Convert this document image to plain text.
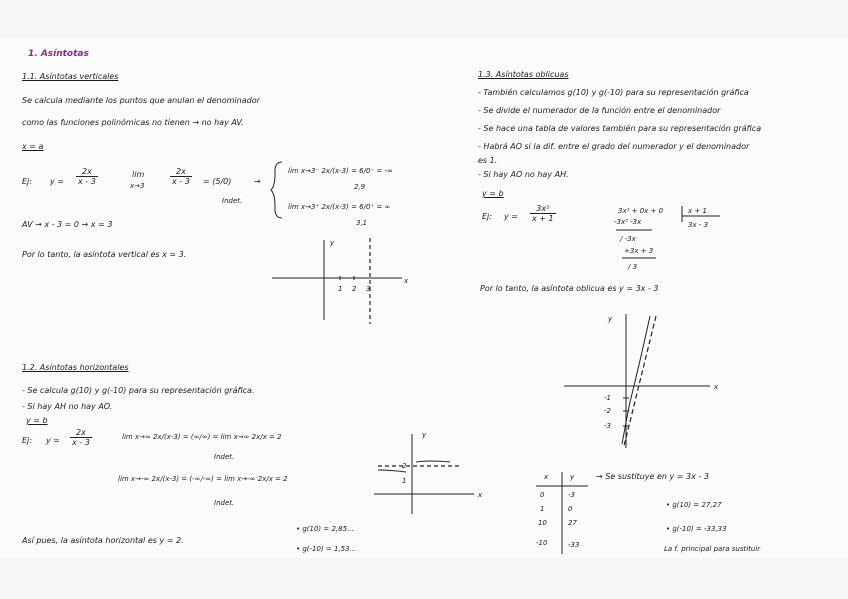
1. Asíntotas
1.1. Asíntotas verticales
Se calcula mediante los puntos que anulan el denominador
como las funciones polinómicas no tienen → no hay AV.
x = a
Ej: $y = \frac{2x}{x - 3}$	lim
x→3	$\frac{2x}{x - 3} = (5/0)$
Indet.
→
lim x→3⁻ 2x/(x-3) = 6/0⁻ = -∞
2,9
lim x→3⁺ 2x/(x-3) = 6/0⁺ = ∞
3,1
AV → x - 3 = 0 → x = 3
Por lo tanto, la asíntota vertical es x = 3.
y
x
1 2 3
1.2. Asíntotas horizontales
- Se calcula g(10) y g(-10) para su representación gráfica.
- Si hay AH no hay AO.
y = b
Ej: $y = \frac{2x}{x - 3}$	lim x→∞ 2x/(x-3) = (∞/∞) = lim x→∞ 2x/x = 2
Indet.
lim x→-∞ 2x/(x-3) = (-∞/-∞) = lim x→-∞ 2x/x = 2
Indet.
Así pues, la asíntota horizontal es y = 2.
• g(10) = 2,85...
• g(-10) = 1,53...
y
x
2
1
1.3. Asíntotas oblicuas
- También calculamos g(10) y g(-10) para su representación gráfica
- Se divide el numerador de la función entre el denominador
- Se hace una tabla de valores también para su representación gráfica
- Habrá AO si la dif. entre el grado del numerador y el denominador
es 1.
- Si hay AO no hay AH.
y = b
Ej: $y = \frac{\text{3x²}}{x + 1}$	3x² + 0x + 0
-3x² -3x
/ -3x
+3x + 3
/ 3
x + 1
3x - 3
Por lo tanto, la asíntota oblicua es y = 3x - 3
y
x
-1
-2
-3
x	y
0	-3
1	0
10	27
-10	-33
→ Se sustituye en y = 3x - 3
• g(10) = 27,27
• g(-10) = -33,33
La f. principal para sustituir
